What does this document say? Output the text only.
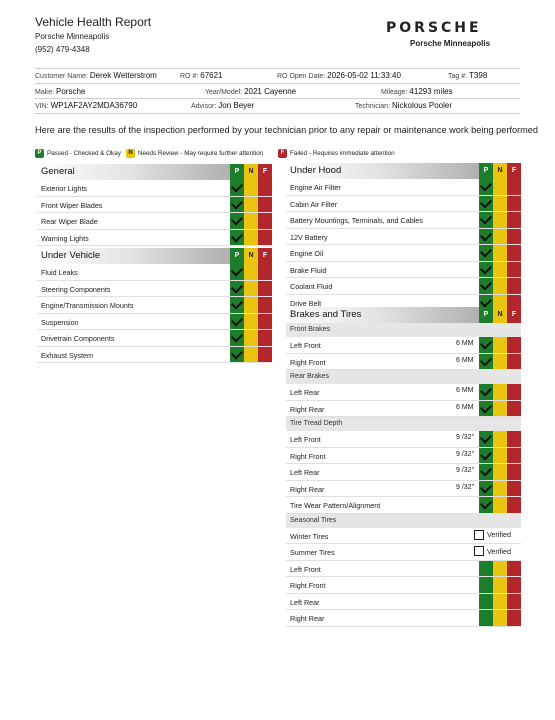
Vehicle Health Report
Porsche Minneapolis
(952) 479-4348
PORSCHE
Porsche Minneapolis
Customer Name: Derek Wetterstrom	RO #: 67621	RO Open Date: 2026-05-02 11:33:40	Tag #: T398
Make: Porsche	Year/Model: 2021 Cayenne	Mileage: 41293 miles
VIN: WP1AF2AY2MDA36790	Advisor: Jon Beyer	Technician: Nickolous Pooler
Here are the results of the inspection performed by your technician prior to any repair or maintenance work being performed
P Passed - Checked & Okay	N Needs Review - May require further attention	F Failed - Requires immediate attention
General	P	N	F
Exterior Lights
Front Wiper Blades
Rear Wiper Blade
Warning Lights
Under Vehicle	P	N	F
Fluid Leaks
Steering Components
Engine/Transmission Mounts
Suspension
Drivetrain Components
Exhaust System
Under Hood	P	N	F
Engine Air Filter
Cabin Air Filter
Battery Mountings, Terminals, and Cables
12V Battery
Engine Oil
Brake Fluid
Coolant Fluid
Drive Belt
Brakes and Tires	P	N	F
Front Brakes
Left Front	6 MM
Right Front	6 MM
Rear Brakes
Left Rear	6 MM
Right Rear	6 MM
Tire Tread Depth
Left Front	9 /32"
Right Front	9 /32"
Left Rear	9 /32"
Right Rear	9 /32"
Tire Wear Pattern/Alignment
Seasonal Tires
Winter Tires	Verified
Summer Tires	Verified
Left Front
Right Front
Left Rear
Right Rear
